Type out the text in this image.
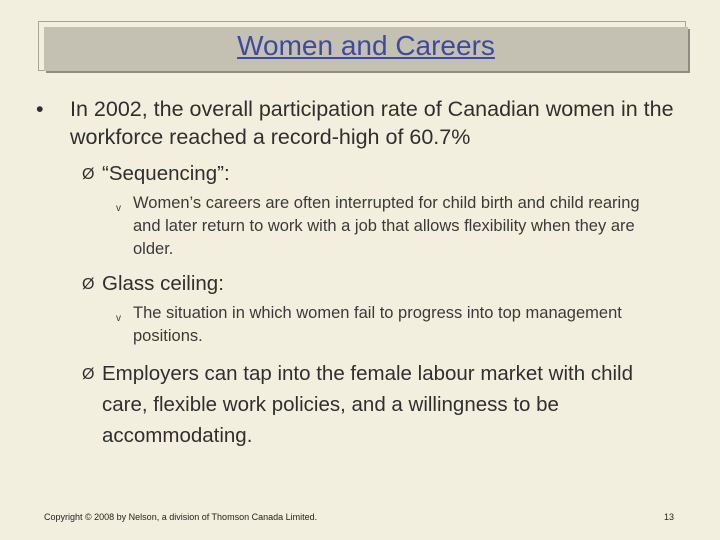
Women and Careers
•	In 2002, the overall participation rate of Canadian women in the workforce reached a record-high of 60.7%
Ø “Sequencing”:
v Women’s careers are often interrupted for child birth and child rearing and later return to work with a job that allows flexibility when they are older.
Ø Glass ceiling:
v The situation in which women fail to progress into top management positions.
Ø Employers can tap into the female labour market with child care, flexible work policies, and a willingness to be accommodating.
Copyright © 2008 by Nelson, a division of Thomson Canada Limited.	13
